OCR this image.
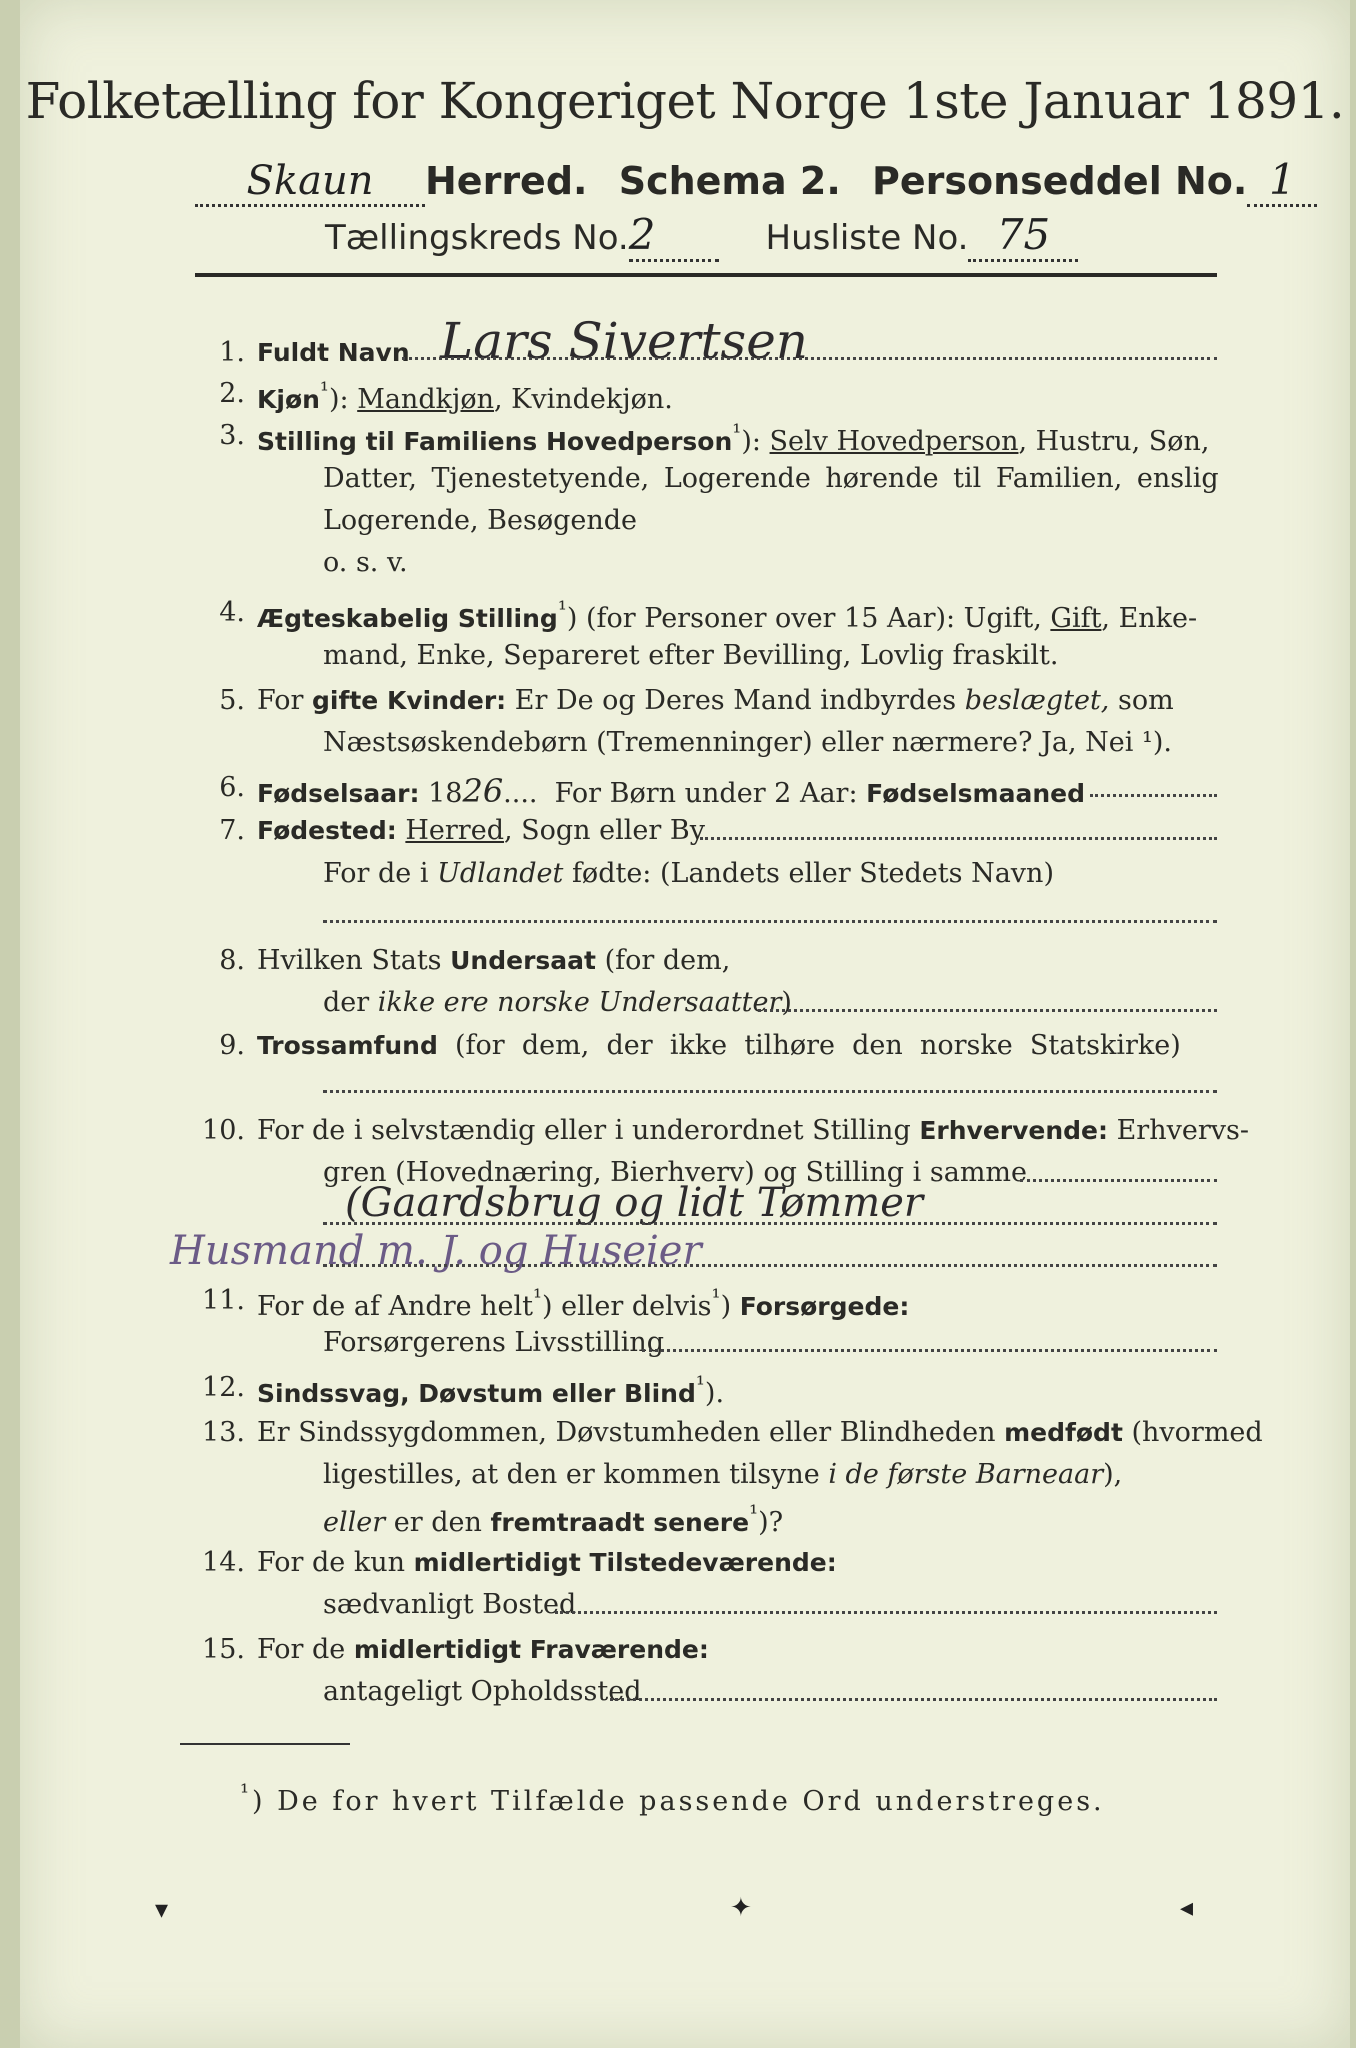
Folketælling for Kongeriget Norge 1ste Januar 1891.
Skaun Herred. Schema 2. Personseddel No. 1
Tællingskreds No.2	Husliste No. 75
1. Fuldt Navn Lars Sivertsen
2. Kjøn$^{^1}$): Mandkjøn, Kvindekjøn.
3. Stilling til Familiens Hovedperson$^{^1}$): Selv Hovedperson, Hustru, Søn,
Datter, Tjenestetyende, Logerende hørende til Familien, enslig
Logerende, Besøgende
o. s. v.
4. Ægteskabelig Stilling$^{^1}$) (for Personer over 15 Aar): Ugift, Gift, Enke-
mand, Enke, Separeret efter Bevilling, Lovlig fraskilt.
5. For gifte Kvinder: Er De og Deres Mand indbyrdes beslægtet, som
Næstsøskendebørn (Tremenninger) eller nærmere? Ja, Nei ¹).
6. Fødselsaar: 1826....  For Børn under 2 Aar: Fødselsmaaned
7. Fødested: Herred, Sogn eller By
For de i Udlandet fødte: (Landets eller Stedets Navn)
8. Hvilken Stats Undersaat (for dem,
der ikke ere norske Undersaatter)
9. Trossamfund  (for  dem,  der  ikke  tilhøre  den  norske  Statskirke)
10. For de i selvstændig eller i underordnet Stilling Erhvervende: Erhvervs-
gren (Hovednæring, Bierhverv) og Stilling i samme
(Gaardsbrug og lidt Tømmer
Husmand m. J. og Huseier
11. For de af Andre helt$^{^1}$) eller delvis$^{^1}$) Forsørgede:
Forsørgerens Livsstilling
12. Sindssvag, Døvstum eller Blind$^{^1}$).
13. Er Sindssygdommen, Døvstumheden eller Blindheden medfødt (hvormed
ligestilles, at den er kommen tilsyne i de første Barneaar),
eller er den fremtraadt senere$^{^1}$)?
14. For de kun midlertidigt Tilstedeværende:
sædvanligt Bosted
15. For de midlertidigt Fraværende:
antageligt Opholdssted
$^{^1}$) De for hvert Tilfælde passende Ord understreges.
▾	✦	◂
